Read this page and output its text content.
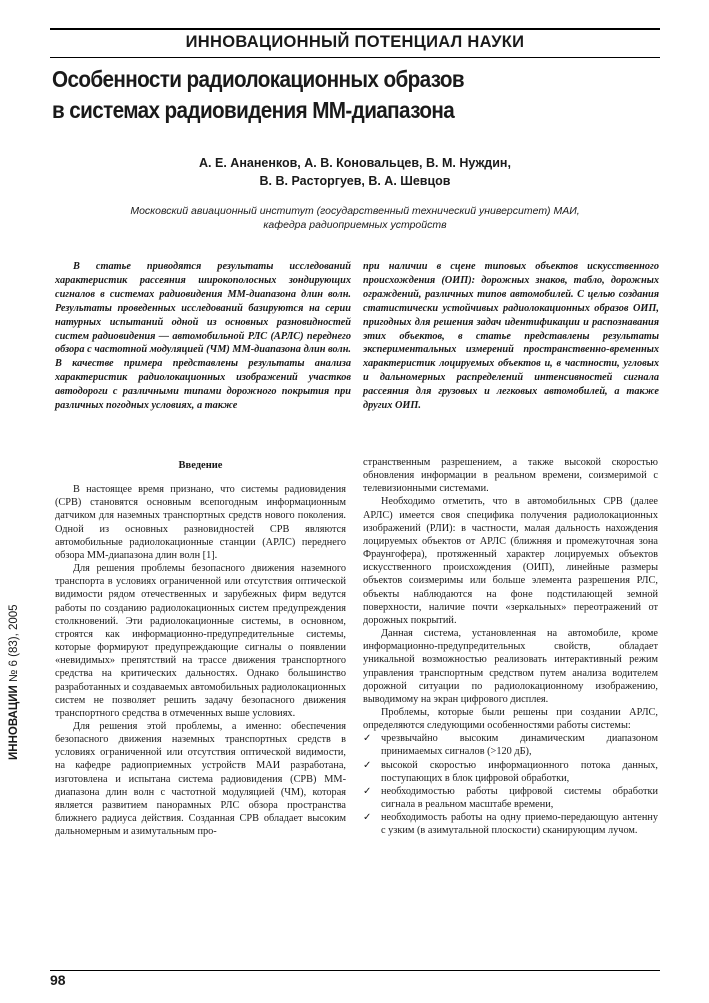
ИННОВАЦИОННЫЙ ПОТЕНЦИАЛ НАУКИ
Особенности радиолокационных образов
в системах радиовидения ММ-диапазона
А. Е. Ананенков, А. В. Коновальцев, В. М. Нуждин,
В. В. Расторгуев, В. А. Шевцов
Московский авиационный институт (государственный технический университет) МАИ,
кафедра радиоприемных устройств
В статье приводятся результаты исследований характеристик рассеяния широкополосных зондирующих сигналов в системах радиовидения ММ-диапазона длин волн. Результаты проведенных исследований базируются на серии натурных испытаний одной из основных разновидностей систем радиовидения — автомобильной РЛС (АРЛС) переднего обзора с частотной модуляцией (ЧМ) ММ-диапазона длин волн. В качестве примера представлены результаты анализа характеристик радиолокационных изображений участков автодороги с различными типами дорожного покрытия при различных погодных условиях, а также
при наличии в сцене типовых объектов искусственного происхождения (ОИП): дорожных знаков, табло, дорожных ограждений, различных типов автомобилей. С целью создания статистически устойчивых радиолокационных образов ОИП, пригодных для решения задач идентификации и распознавания этих объектов, в статье представлены результаты экспериментальных измерений пространственно-временных характеристик лоцируемых объектов и, в частности, угловых и дальномерных распределений интенсивностей сигнала рассеяния для грузовых и легковых автомобилей, а также других ОИП.
Введение

В настоящее время признано, что системы радиовидения (СРВ) становятся основным всепогодным информационным датчиком для наземных транспортных средств нового поколения. Одной из основных разновидностей СРВ являются автомобильные радиолокационные станции (АРЛС) переднего обзора ММ-диапазона длин волн [1].

Для решения проблемы безопасного движения наземного транспорта в условиях ограниченной или отсутствия оптической видимости рядом отечественных и зарубежных фирм ведутся работы по созданию радиолокационных систем предупреждения столкновений. Эти радиолокационные системы, в основном, строятся как информационно-предупредительные системы, которые формируют предупреждающие сигналы о появлении «невидимых» препятствий на трассе движения транспортного средства на критических дальностях. Однако большинство разработанных и создаваемых автомобильных радиолокационных систем не позволяет решить задачу безопасного движения транспортного средства в отмеченных выше условиях.

Для решения этой проблемы, а именно: обеспечения безопасного движения наземных транспортных средств в условиях ограниченной или отсутствия оптической видимости, на кафедре радиоприемных устройств МАИ разработана, изготовлена и испытана система радиовидения (СРВ) ММ-диапазона длин волн с частотной модуляцией (ЧМ), которая является развитием панорамных РЛС обзора пространства ближнего радиуса действия. Созданная СРВ обладает высоким дальномерным и азимутальным про-

странственным разрешением, а также высокой скоростью обновления информации в реальном времени, соизмеримой с телевизионными системами.

Необходимо отметить, что в автомобильных СРВ (далее АРЛС) имеется своя специфика получения радиолокационных изображений (РЛИ): в частности, малая дальность нахождения лоцируемых объектов от АРЛС (ближняя и промежуточная зона Фраунгофера), протяженный характер лоцируемых объектов искусственного происхождения (ОИП), линейные размеры объектов соизмеримы или больше элемента разрешения РЛС, объекты наблюдаются на фоне подстилающей земной поверхности, наличие почти «зеркальных» переотражений от дорожных покрытий.

Данная система, установленная на автомобиле, кроме информационно-предупредительных свойств, обладает уникальной возможностью реализовать интерактивный режим управления транспортным средством путем анализа водителем дорожной ситуации по радиолокационному изображению, выводимому на экран цифрового дисплея.

Проблемы, которые были решены при создании АРЛС, определяются следующими особенностями работы системы:

✓ чрезвычайно высоким динамическим диапазоном принимаемых сигналов (>120 дБ),
✓ высокой скоростью информационного потока данных, поступающих в блок цифровой обработки,
✓ необходимостью работы цифровой системы обработки сигнала в реальном масштабе времени,
✓ необходимость работы на одну приемо-передающую антенну с узким (в азимутальной плоскости) сканирующим лучом.
ИННОВАЦИИ № 6 (83), 2005
98
